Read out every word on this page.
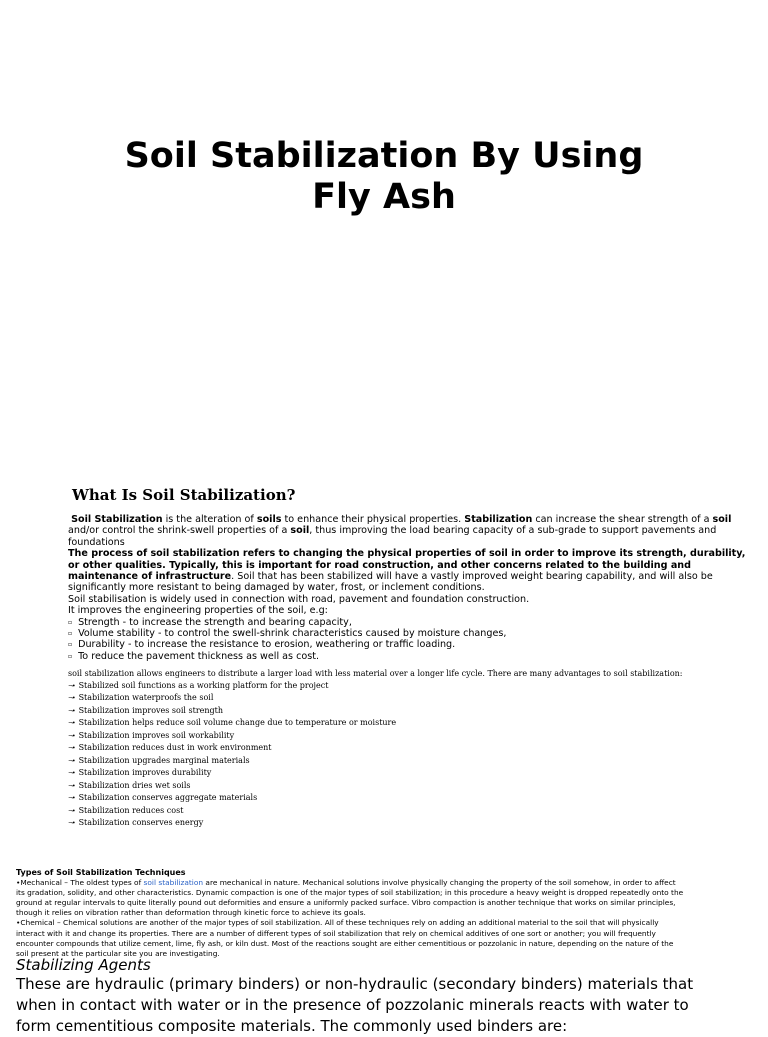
Soil Stabilization By Using
Fly Ash
What Is Soil Stabilization?

Soil Stabilization is the alteration of soils to enhance their physical properties. Stabilization can increase the shear strength of a soil and/or control the shrink-swell properties of a soil, thus improving the load bearing capacity of a sub-grade to support pavements and foundations

The process of soil stabilization refers to changing the physical properties of soil in order to improve its strength, durability, or other qualities. Typically, this is important for road construction, and other concerns related to the building and maintenance of infrastructure. Soil that has been stabilized will have a vastly improved weight bearing capability, and will also be significantly more resistant to being damaged by water, frost, or inclement conditions.

Soil stabilisation is widely used in connection with road, pavement and foundation construction.

It improves the engineering properties of the soil, e.g:

▫ Strength - to increase the strength and bearing capacity,

▫ Volume stability - to control the swell-shrink characteristics caused by moisture changes,

▫ Durability - to increase the resistance to erosion, weathering or traffic loading.

▫ To reduce the pavement thickness as well as cost.

soil stabilization allows engineers to distribute a larger load with less material over a longer life cycle. There are many advantages to soil stabilization:

¬• Stabilized soil functions as a working platform for the project

¬• Stabilization waterproofs the soil

¬• Stabilization improves soil strength

¬• Stabilization helps reduce soil volume change due to temperature or moisture

¬• Stabilization improves soil workability

¬• Stabilization reduces dust in work environment

¬• Stabilization upgrades marginal materials

¬• Stabilization improves durability

¬• Stabilization dries wet soils

¬• Stabilization conserves aggregate materials

¬• Stabilization reduces cost

¬• Stabilization conserves energy

Types of Soil Stabilization Techniques

•Mechanical – The oldest types of soil stabilization are mechanical in nature. Mechanical solutions involve physically changing the property of the soil somehow, in order to affect its gradation, solidity, and other characteristics. Dynamic compaction is one of the major types of soil stabilization; in this procedure a heavy weight is dropped repeatedly onto the ground at regular intervals to quite literally pound out deformities and ensure a uniformly packed surface. Vibro compaction is another technique that works on similar principles, though it relies on vibration rather than deformation through kinetic force to achieve its goals.

•Chemical – Chemical solutions are another of the major types of soil stabilization. All of these techniques rely on adding an additional material to the soil that will physically interact with it and change its properties. There are a number of different types of soil stabilization that rely on chemical additives of one sort or another; you will frequently encounter compounds that utilize cement, lime, fly ash, or kiln dust. Most of the reactions sought are either cementitious or pozzolanic in nature, depending on the nature of the soil present at the particular site you are investigating.

Stabilizing Agents
These are hydraulic (primary binders) or non-hydraulic (secondary binders) materials that when in contact with water or in the presence of pozzolanic minerals reacts with water to form cementitious composite materials. The commonly used binders are:
